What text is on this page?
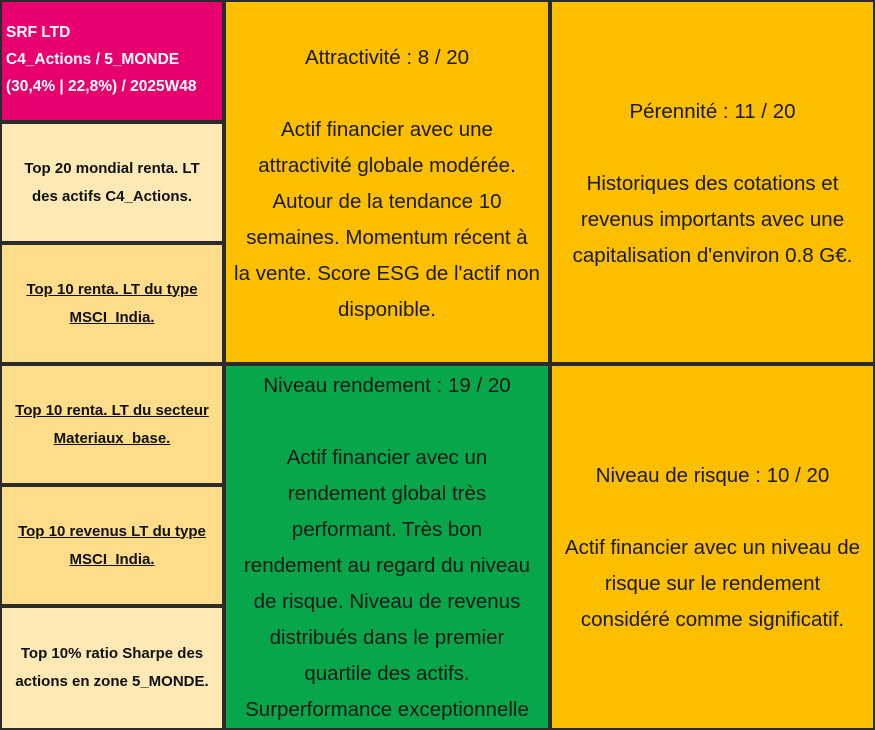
SRF LTD
C4_Actions / 5_MONDE
(30,4% | 22,8%) / 2025W48
Top 20 mondial renta. LT
des actifs C4_Actions.
Top 10 renta. LT du type
MSCI_India.
Top 10 renta. LT du secteur
Materiaux_base.
Top 10 revenus LT du type
MSCI_India.
Top 10% ratio Sharpe des
actions en zone 5_MONDE.
Attractivité : 8 / 20
Actif financier avec une
attractivité globale modérée.
Autour de la tendance 10
semaines. Momentum récent à
la vente. Score ESG de l'actif non
disponible.
Pérennité : 11 / 20
Historiques des cotations et
revenus importants avec une
capitalisation d'environ 0.8 G€.
Niveau rendement : 19 / 20
Actif financier avec un
rendement global très
performant. Très bon
rendement au regard du niveau
de risque. Niveau de revenus
distribués dans le premier
quartile des actifs.
Surperformance exceptionnelle
Niveau de risque : 10 / 20
Actif financier avec un niveau de
risque sur le rendement
considéré comme significatif.
